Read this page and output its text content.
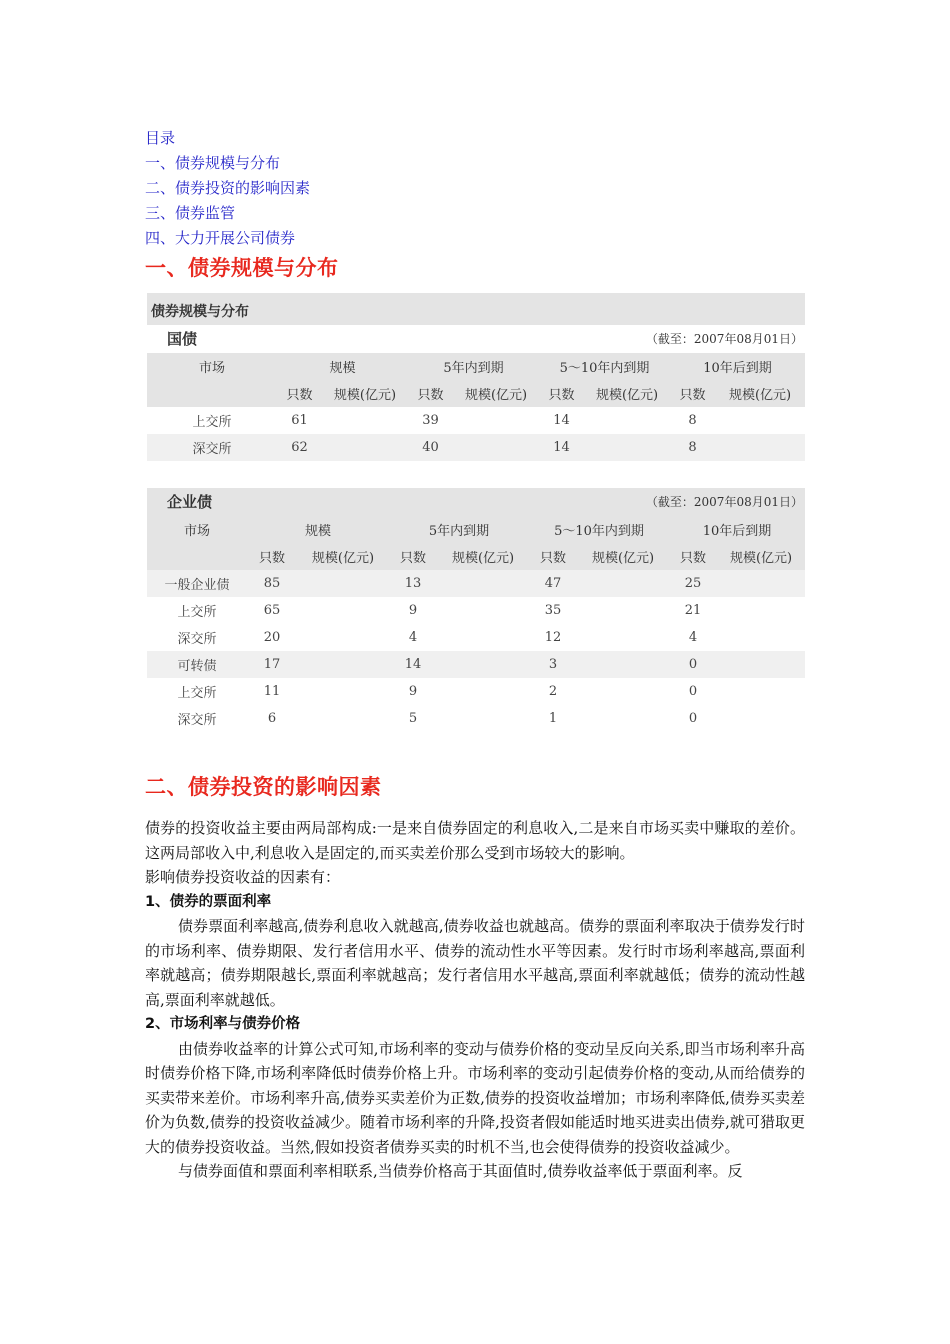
目录
一、债券规模与分布
二、债券投资的影响因素
三、债券监管
四、大力开展公司债券
一、债券规模与分布
债券规模与分布
国债	（截至：2007年08月01日）
市场	规模		5年内到期		5～10年内到期		10年后到期	
	只数	规模(亿元)	只数	规模(亿元)	只数	规模(亿元)	只数	规模(亿元)
上交所	61		39		14		8	
深交所	62		40		14		8	
企业债	（截至：2007年08月01日）
市场	规模		5年内到期		5～10年内到期		10年后到期	
	只数	规模(亿元)	只数	规模(亿元)	只数	规模(亿元)	只数	规模(亿元)
一般企业债	85		13		47		25	
上交所	65		9		35		21	
深交所	20		4		12		4	
可转债	17		14		3		0	
上交所	11		9		2		0	
深交所	6		5		1		0	
二、债券投资的影响因素
债券的投资收益主要由两局部构成:一是来自债券固定的利息收入,二是来自市场买卖中赚取的差价。这两局部收入中,利息收入是固定的,而买卖差价那么受到市场较大的影响。
影响债券投资收益的因素有：
1、债券的票面利率
债券票面利率越高,债券利息收入就越高,债券收益也就越高。债券的票面利率取决于债券发行时的市场利率、债券期限、发行者信用水平、债券的流动性水平等因素。发行时市场利率越高,票面利率就越高；债券期限越长,票面利率就越高；发行者信用水平越高,票面利率就越低；债券的流动性越高,票面利率就越低。
2、市场利率与债券价格
由债券收益率的计算公式可知,市场利率的变动与债券价格的变动呈反向关系,即当市场利率升高时债券价格下降,市场利率降低时债券价格上升。市场利率的变动引起债券价格的变动,从而给债券的买卖带来差价。市场利率升高,债券买卖差价为正数,债券的投资收益增加；市场利率降低,债券买卖差价为负数,债券的投资收益减少。随着市场利率的升降,投资者假如能适时地买进卖出债券,就可猎取更大的债券投资收益。当然,假如投资者债券买卖的时机不当,也会使得债券的投资收益减少。
与债券面值和票面利率相联系,当债券价格高于其面值时,债券收益率低于票面利率。反
